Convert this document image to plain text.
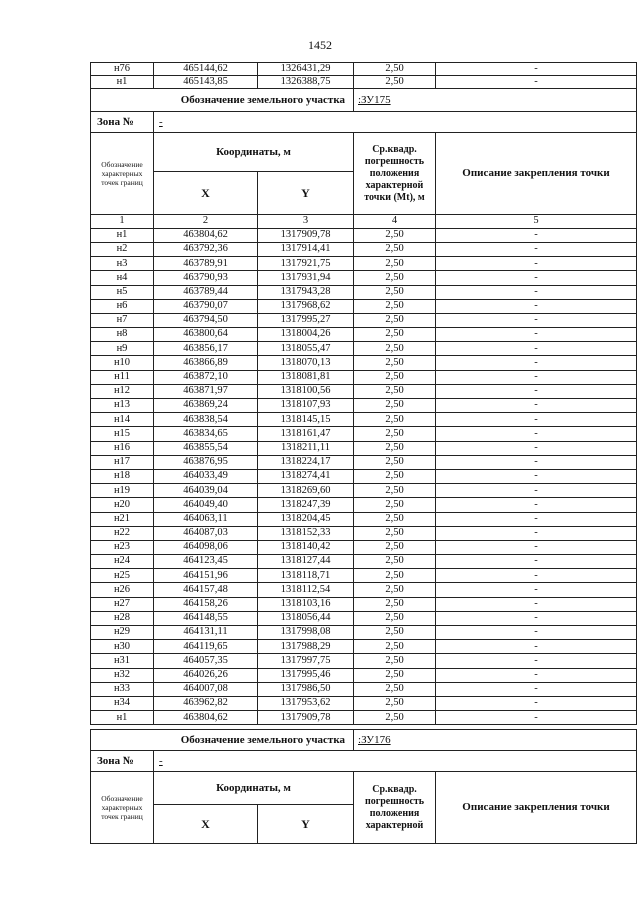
1452
н76	465144,62	1326431,29	2,50	-
н1	465143,85	1326388,75	2,50	-
Обозначение земельного участка			:ЗУ175	
Зона №	-			
Обозначение характерных точек границ	Координаты, м		Ср.квадр. погрешность положения характерной точки (Mt), м	Описание закрепления точки
	X	Y		
1	2	3	4	5
н1	463804,62	1317909,78	2,50	-
н2	463792,36	1317914,41	2,50	-
н3	463789,91	1317921,75	2,50	-
н4	463790,93	1317931,94	2,50	-
н5	463789,44	1317943,28	2,50	-
н6	463790,07	1317968,62	2,50	-
н7	463794,50	1317995,27	2,50	-
н8	463800,64	1318004,26	2,50	-
н9	463856,17	1318055,47	2,50	-
н10	463866,89	1318070,13	2,50	-
н11	463872,10	1318081,81	2,50	-
н12	463871,97	1318100,56	2,50	-
н13	463869,24	1318107,93	2,50	-
н14	463838,54	1318145,15	2,50	-
н15	463834,65	1318161,47	2,50	-
н16	463855,54	1318211,11	2,50	-
н17	463876,95	1318224,17	2,50	-
н18	464033,49	1318274,41	2,50	-
н19	464039,04	1318269,60	2,50	-
н20	464049,40	1318247,39	2,50	-
н21	464063,11	1318204,45	2,50	-
н22	464087,03	1318152,33	2,50	-
н23	464098,06	1318140,42	2,50	-
н24	464123,45	1318127,44	2,50	-
н25	464151,96	1318118,71	2,50	-
н26	464157,48	1318112,54	2,50	-
н27	464158,26	1318103,16	2,50	-
н28	464148,55	1318056,44	2,50	-
н29	464131,11	1317998,08	2,50	-
н30	464119,65	1317988,29	2,50	-
н31	464057,35	1317997,75	2,50	-
н32	464026,26	1317995,46	2,50	-
н33	464007,08	1317986,50	2,50	-
н34	463962,82	1317953,62	2,50	-
н1	463804,62	1317909,78	2,50	-
Обозначение земельного участка			:ЗУ176	
Зона №	-			
Обозначение характерных точек границ	Координаты, м		Ср.квадр. погрешность положения характерной	Описание закрепления точки
	X	Y		
